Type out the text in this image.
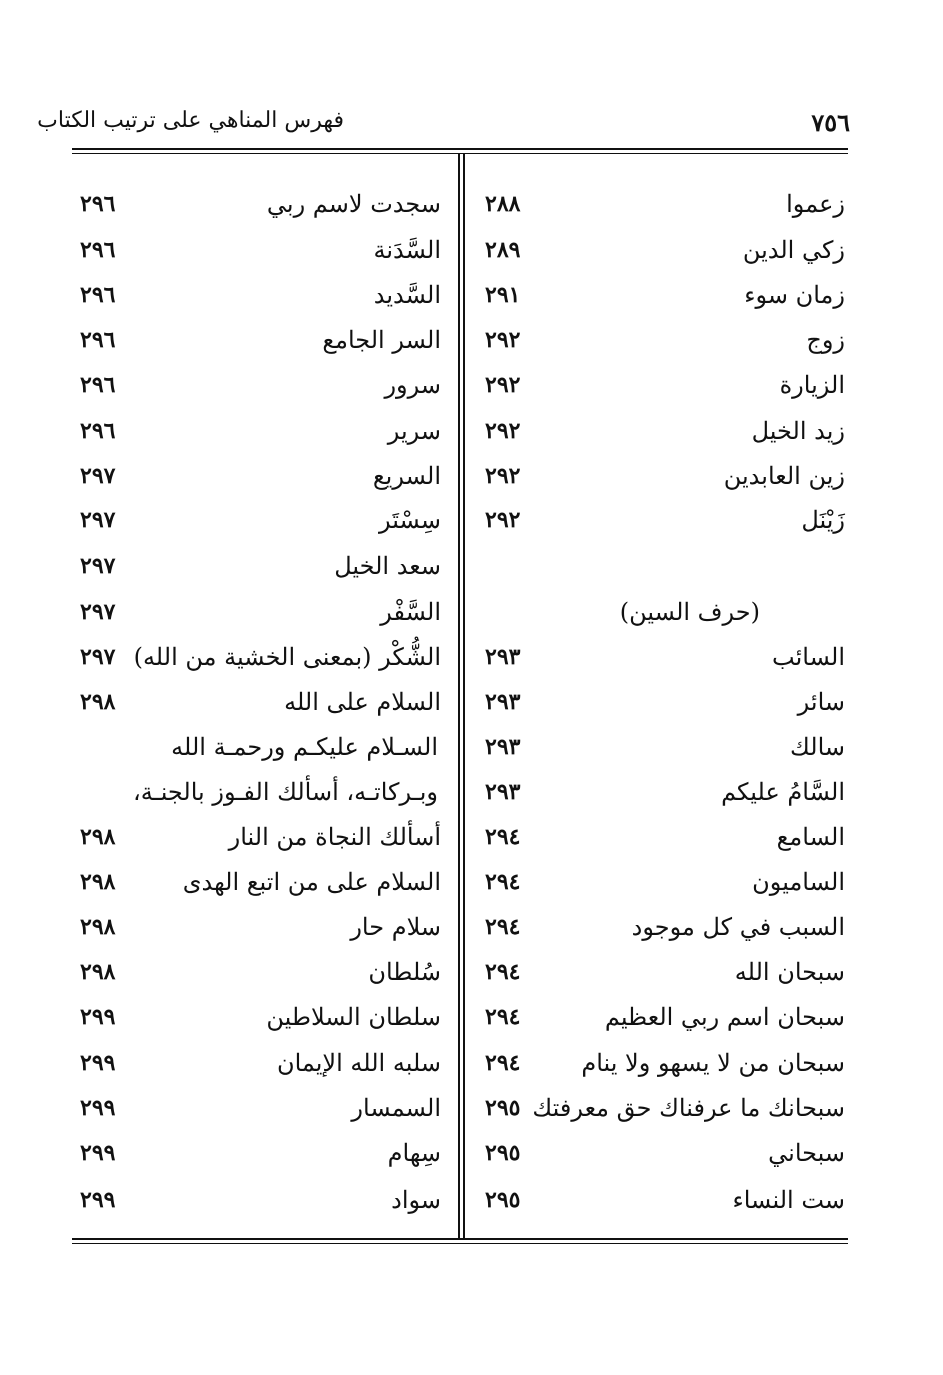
فهرس المناهي على ترتيب الكتاب	٧٥٦
زعموا
٢٨٨
زكي الدين
٢٨٩
زمان سوء
٢٩١
زوج
٢٩٢
الزيارة
٢٩٢
زيد الخيل
٢٩٢
زين العابدين
٢٩٢
زَيْنَل
٢٩٢
(حرف السين)
السائب
٢٩٣
سائر
٢٩٣
سالك
٢٩٣
السَّامُ عليكم
٢٩٣
السامع
٢٩٤
الساميون
٢٩٤
السبب في كل موجود
٢٩٤
سبحان الله
٢٩٤
سبحان اسم ربي العظيم
٢٩٤
سبحان من لا يسهو ولا ينام
٢٩٤
سبحانك ما عرفناك حق معرفتك
٢٩٥
سبحاني
٢٩٥
ست النساء
٢٩٥
سجدت لاسم ربي
٢٩٦
السَّدَنة
٢٩٦
السَّديد
٢٩٦
السر الجامع
٢٩٦
سرور
٢٩٦
سرير
٢٩٦
السريع
٢٩٧
سِسْتَر
٢٩٧
سعد الخيل
٢٩٧
السَّفْر
٢٩٧
الشُّكْر (بمعنى الخشية من الله)
٢٩٧
السلام على الله
٢٩٨
السـلام عليكـم ورحمـة الله
وبـركاتـه، أسألك الفـوز بالجنـة،
أسألك النجاة من النار
٢٩٨
السلام على من اتبع الهدى
٢٩٨
سلام حار
٢٩٨
سُلطان
٢٩٨
سلطان السلاطين
٢٩٩
سلبه الله الإيمان
٢٩٩
السمسار
٢٩٩
سِهام
٢٩٩
سواد
٢٩٩
